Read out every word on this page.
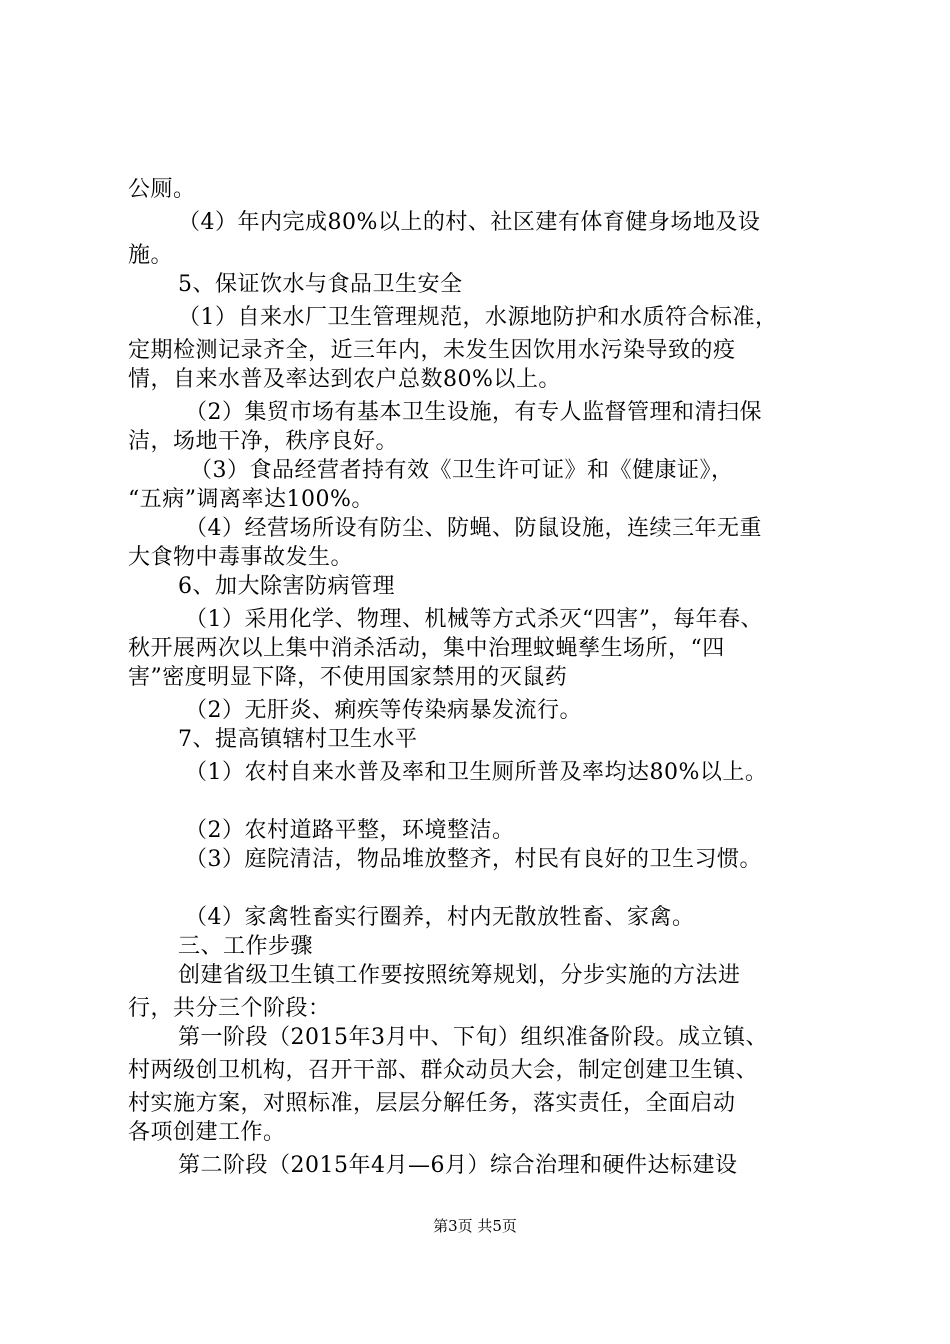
公厕。
（4）年内完成80%以上的村、社区建有体育健身场地及设
施。
5、保证饮水与食品卫生安全
（1）自来水厂卫生管理规范，水源地防护和水质符合标准，
定期检测记录齐全，近三年内，未发生因饮用水污染导致的疫
情，自来水普及率达到农户总数80%以上。
（2）集贸市场有基本卫生设施，有专人监督管理和清扫保
洁，场地干净，秩序良好。
（3）食品经营者持有效《卫生许可证》和《健康证》，
“五病”调离率达100%。
（4）经营场所设有防尘、防蝇、防鼠设施，连续三年无重
大食物中毒事故发生。
6、加大除害防病管理
（1）采用化学、物理、机械等方式杀灭“四害”，每年春、
秋开展两次以上集中消杀活动，集中治理蚊蝇孳生场所，“四
害”密度明显下降，不使用国家禁用的灭鼠药
（2）无肝炎、痢疾等传染病暴发流行。
7、提高镇辖村卫生水平
（1）农村自来水普及率和卫生厕所普及率均达80%以上。
（2）农村道路平整，环境整洁。
（3）庭院清洁，物品堆放整齐，村民有良好的卫生习惯。
（4）家禽牲畜实行圈养，村内无散放牲畜、家禽。
三、工作步骤
创建省级卫生镇工作要按照统筹规划，分步实施的方法进
行，共分三个阶段：
第一阶段（2015年3月中、下旬）组织准备阶段。成立镇、
村两级创卫机构，召开干部、群众动员大会，制定创建卫生镇、
村实施方案，对照标准，层层分解任务，落实责任，全面启动
各项创建工作。
第二阶段（2015年4月—6月）综合治理和硬件达标建设
第3页 共5页
